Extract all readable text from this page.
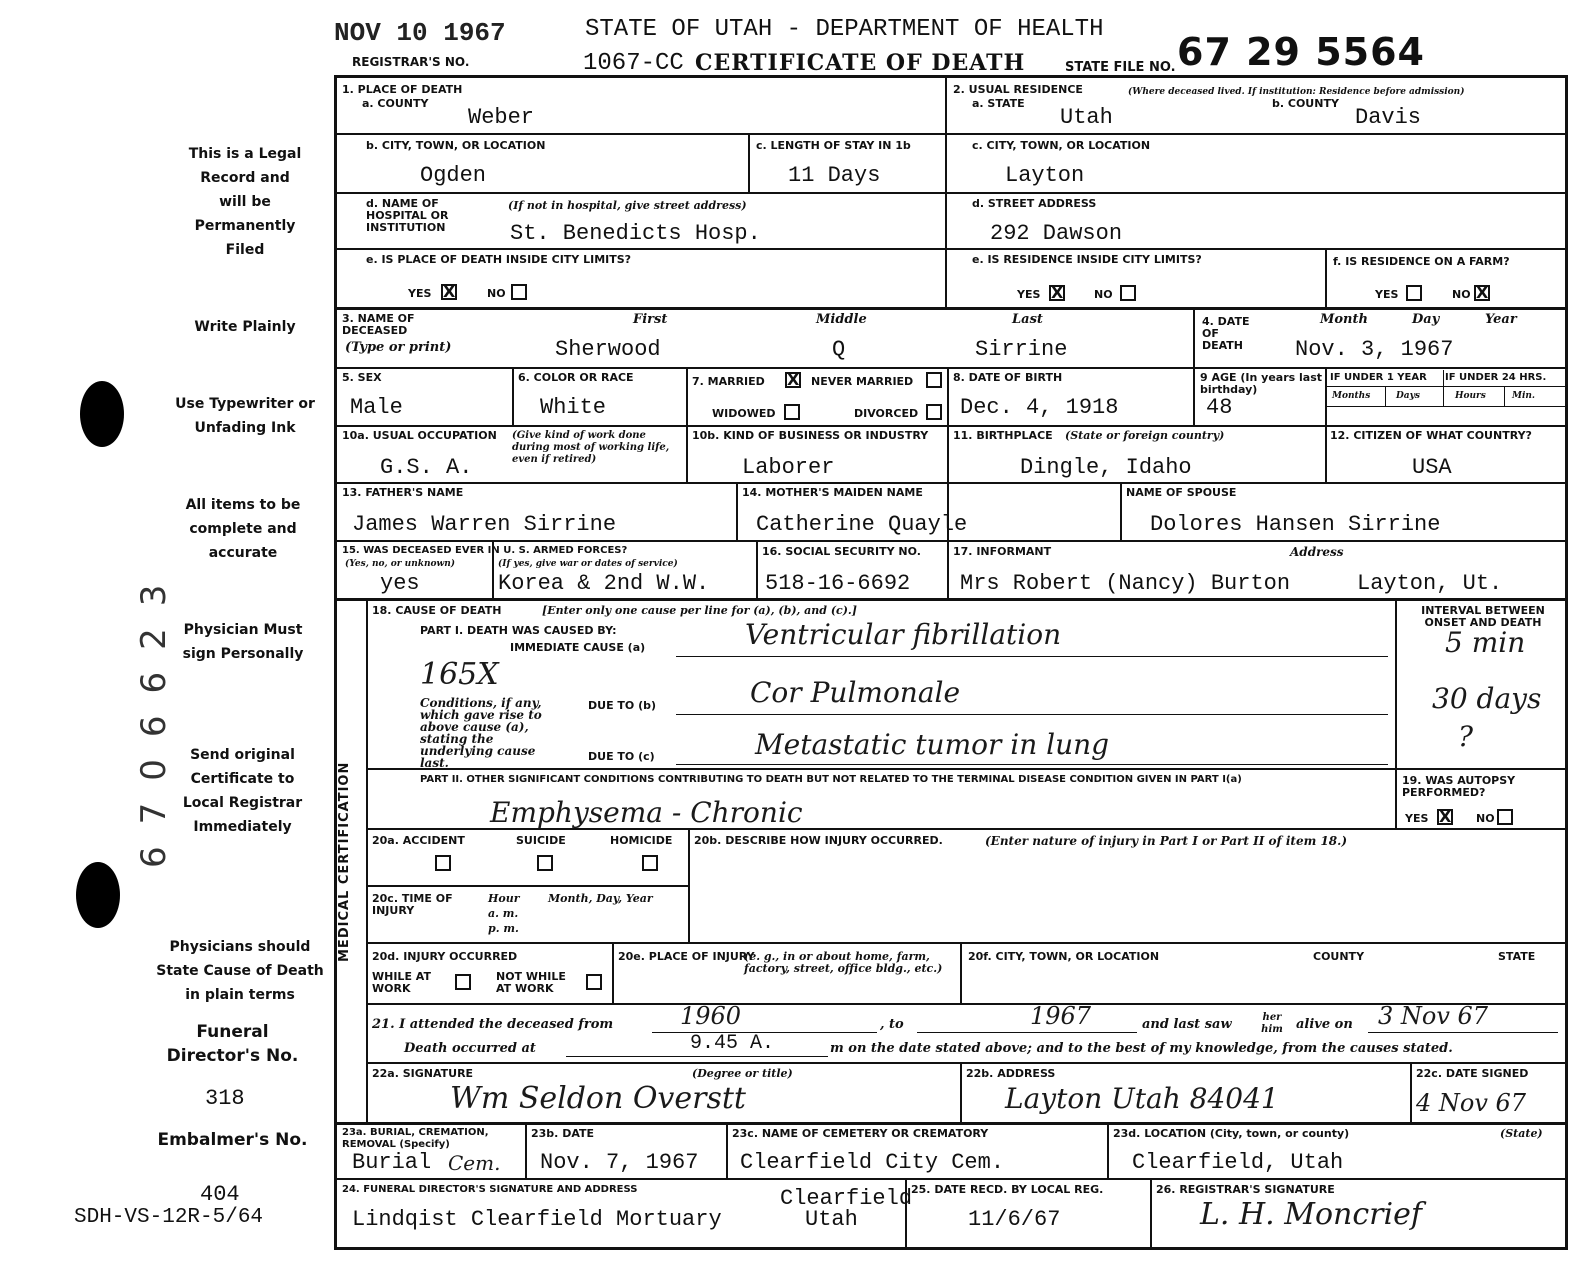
NOV 10 1967
REGISTRAR'S NO.	1067-CC
STATE OF UTAH - DEPARTMENT OF HEALTH
CERTIFICATE OF DEATH	STATE FILE NO. 67 29 5564
This is a Legal Record and will be Permanently Filed
Write Plainly
Use Typewriter or Unfading Ink
All items to be complete and accurate
Physician Must sign Personally
Send original Certificate to Local Registrar Immediately
Physicians should State Cause of Death in plain terms
Funeral Director's No.
318
Embalmer's No.
404
SDH-VS-12R-5/64
6706623
1. PLACE OF DEATH
a. COUNTY
Weber
2. USUAL RESIDENCE	(Where deceased lived. If institution: Residence before admission)
a. STATE
Utah
b. COUNTY
Davis
b. CITY, TOWN, OR LOCATION
Ogden
c. LENGTH OF STAY IN 1b
11 Days
c. CITY, TOWN, OR LOCATION
Layton
d. NAME OF HOSPITAL OR INSTITUTION
(If not in hospital, give street address)
St. Benedicts Hosp.
d. STREET ADDRESS
292 Dawson
e. IS PLACE OF DEATH INSIDE CITY LIMITS?
YES X	NO
e. IS RESIDENCE INSIDE CITY LIMITS?
YES X	NO
f. IS RESIDENCE ON A FARM?
YES	NO X
3. NAME OF DECEASED
(Type or print)
First	Middle	Last
Sherwood	Q	Sirrine
4. DATE OF DEATH
Month	Day	Year
Nov. 3, 1967
5. SEX
Male
6. COLOR OR RACE
White
7. MARRIED X NEVER MARRIED
WIDOWED	DIVORCED
8. DATE OF BIRTH
Dec. 4, 1918
9 AGE (In years last birthday)
48
IF UNDER 1 YEAR IF UNDER 24 HRS.
Months	Days	Hours	Min.
10a. USUAL OCCUPATION	(Give kind of work done during most of working life, even if retired)
G.S. A.
10b. KIND OF BUSINESS OR INDUSTRY
Laborer
11. BIRTHPLACE (State or foreign country)
Dingle, Idaho
12. CITIZEN OF WHAT COUNTRY?
USA
13. FATHER'S NAME
James Warren Sirrine
14. MOTHER'S MAIDEN NAME
Catherine Quayle
NAME OF SPOUSE
Dolores Hansen Sirrine
15. WAS DECEASED EVER IN U. S. ARMED FORCES?
(Yes, no, or unknown)	(If yes, give war or dates of service)
yes	Korea & 2nd W.W.
16. SOCIAL SECURITY NO.
518-16-6692
17. INFORMANT	Address
Mrs Robert (Nancy) Burton	Layton, Ut.
MEDICAL CERTIFICATION
18. CAUSE OF DEATH	[Enter only one cause per line for (a), (b), and (c).]
PART I. DEATH WAS CAUSED BY:
IMMEDIATE CAUSE (a)	Ventricular fibrillation
165X
Conditions, if any, which gave rise to above cause (a), stating the underlying cause last.
DUE TO (b)	Cor Pulmonale
DUE TO (c)	Metastatic tumor in lung
INTERVAL BETWEEN ONSET AND DEATH
5 min
30 days
?
PART II. OTHER SIGNIFICANT CONDITIONS CONTRIBUTING TO DEATH BUT NOT RELATED TO THE TERMINAL DISEASE CONDITION GIVEN IN PART I(a)
Emphysema - Chronic
19. WAS AUTOPSY PERFORMED?
YES X NO
20a. ACCIDENT	SUICIDE	HOMICIDE 20b. DESCRIBE HOW INJURY OCCURRED.	(Enter nature of injury in Part I or Part II of item 18.)
20c. TIME OF INJURY
Hour
a. m.
p. m.
Month, Day, Year
20d. INJURY OCCURRED
WHILE AT WORK
NOT WHILE AT WORK
20e. PLACE OF INJURY
(e. g., in or about home, farm, factory, street, office bldg., etc.)
20f. CITY, TOWN, OR LOCATION	COUNTY	STATE
21. I attended the deceased from	1960	, to	1967	and last saw	her him	alive on 3 Nov 67
Death occurred at	9.45 A.	m on the date stated above; and to the best of my knowledge, from the causes stated.
22a. SIGNATURE	(Degree or title)
Wm Seldon Overstt
22b. ADDRESS
Layton Utah 84041
22c. DATE SIGNED
4 Nov 67
23a. BURIAL, CREMATION, REMOVAL (Specify)
Burial Cem.
23b. DATE
Nov. 7, 1967
23c. NAME OF CEMETERY OR CREMATORY
Clearfield City Cem.
23d. LOCATION (City, town, or county)	(State)
Clearfield, Utah
24. FUNERAL DIRECTOR'S SIGNATURE AND ADDRESS
Lindqist Clearfield Mortuary
Clearfield
Utah
25. DATE RECD. BY LOCAL REG.
11/6/67
26. REGISTRAR'S SIGNATURE
L. H. Moncrief
